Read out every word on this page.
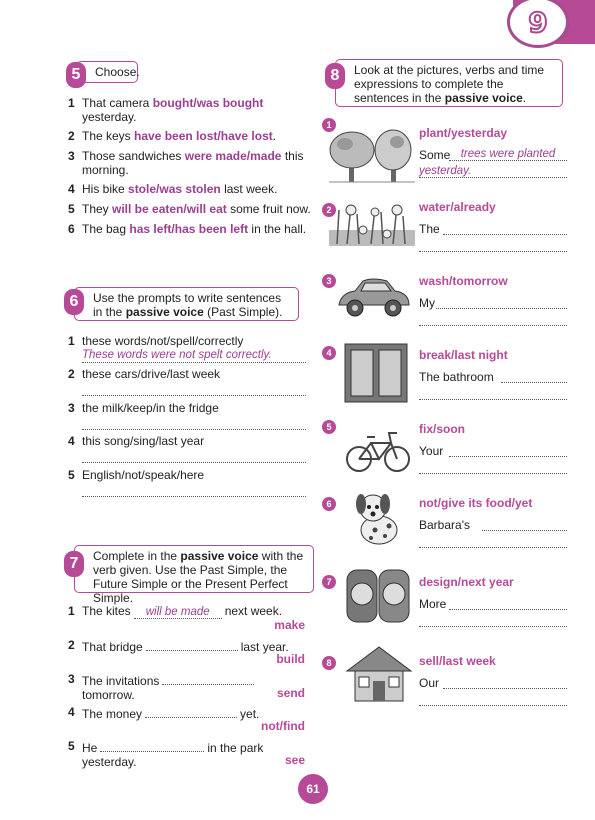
9
Choose.
5
1 That camera bought/was bought
yesterday.
2 The keys have been lost/have lost.
3 Those sandwiches were made/made this
morning.
4 His bike stole/was stolen last week.
5 They will be eaten/will eat some fruit now.
6 The bag has left/has been left in the hall.
Use the prompts to write sentences in the passive voice (Past Simple).
6
1 these words/not/spell/correctly
These words were not spelt correctly.
2 these cars/drive/last week
3 the milk/keep/in the fridge
4 this song/sing/last year
5 English/not/speak/here
Complete in the passive voice with the verb given. Use the Past Simple, the Future Simple or the Present Perfect Simple.
7
1 The kites will be made next week.
make
2 That bridge	last year.
build
3 The invitations
tomorrow.	send
4 The money	yet.
not/find
5 He	in the park
yesterday.	see
Look at the pictures, verbs and time expressions to complete the sentences in the passive voice.
8
1
plant/yesterday
Some trees were planted
yesterday.
2	water/already
The
3	wash/tomorrow
My
4	break/last night
The bathroom
5	fix/soon
Your
6	not/give its food/yet
Barbara's
7	design/next year
More
8	sell/last week
Our
61
